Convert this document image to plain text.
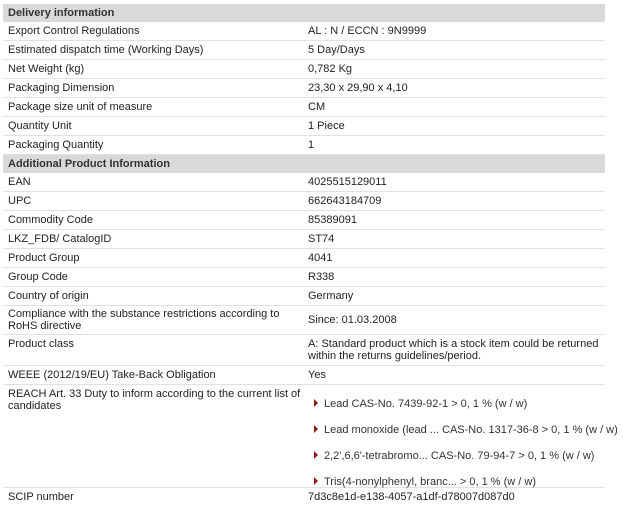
Delivery information
Export Control Regulations	AL : N / ECCN : 9N9999
Estimated dispatch time (Working Days)	5 Day/Days
Net Weight (kg)	0,782 Kg
Packaging Dimension	23,30 x 29,90 x 4,10
Package size unit of measure	CM
Quantity Unit	1 Piece
Packaging Quantity	1
Additional Product Information
EAN	4025515129011
UPC	662643184709
Commodity Code	85389091
LKZ_FDB/ CatalogID	ST74
Product Group	4041
Group Code	R338
Country of origin	Germany
Compliance with the substance restrictions according to RoHS directive	Since: 01.03.2008
Product class	A: Standard product which is a stock item could be returned within the returns guidelines/period.
WEEE (2012/19/EU) Take-Back Obligation	Yes
REACH Art. 33 Duty to inform according to the current list of candidates	Lead CAS-No. 7439-92-1 > 0, 1 % (w / w)
Lead monoxide (lead ... CAS-No. 1317-36-8 > 0, 1 % (w / w)
2,2',6,6'-tetrabromo... CAS-No. 79-94-7 > 0, 1 % (w / w)
Tris(4-nonylphenyl, branc... > 0, 1 % (w / w)
SCIP number	7d3c8e1d-e138-4057-a1df-d78007d087d0
